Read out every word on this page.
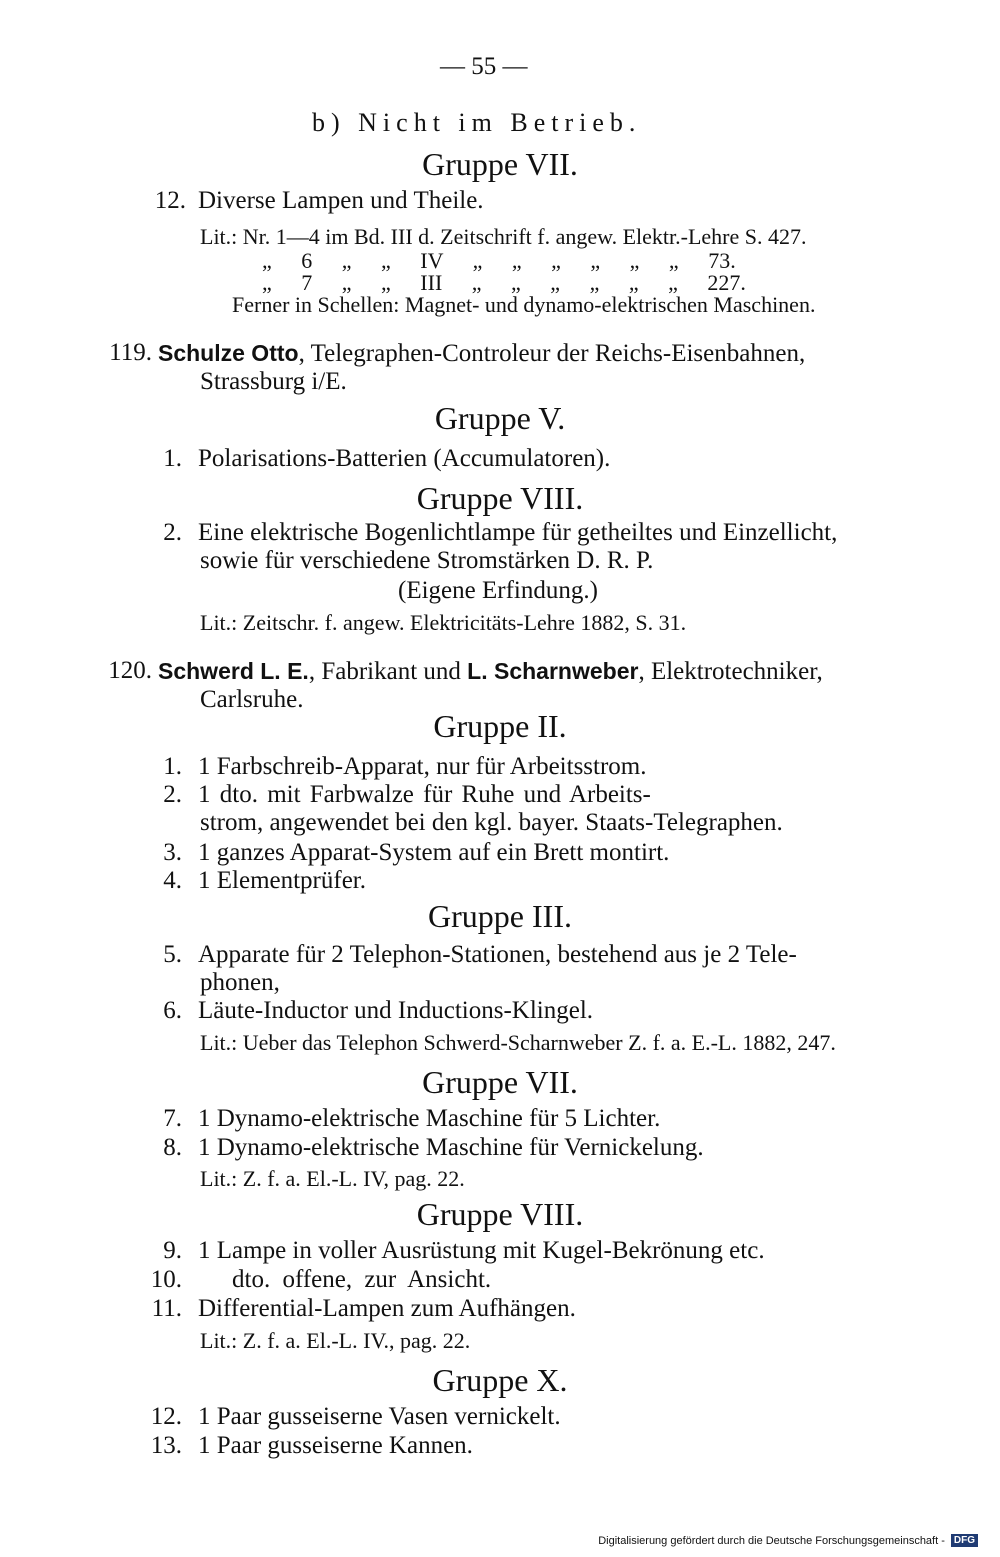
— 55 —
b) Nicht im Betrieb.
Gruppe VII.
12. Diverse Lampen und Theile.
Lit.: Nr. 1—4 im Bd. III d. Zeitschrift f. angew. Elektr.-Lehre S. 427.
„ 6 „ „ IV „ „ „ „ „ „ 73.
„ 7 „ „ III „ „ „ „ „ „ 227.
Ferner in Schellen: Magnet- und dynamo-elektrischen Maschinen.
119. Schulze Otto, Telegraphen-Controleur der Reichs-Eisenbahnen,
Strassburg i/E.
Gruppe V.
1. Polarisations-Batterien (Accumulatoren).
Gruppe VIII.
2. Eine elektrische Bogenlichtlampe für getheiltes und Einzellicht,
sowie für verschiedene Stromstärken D. R. P.
(Eigene Erfindung.)
Lit.: Zeitschr. f. angew. Elektricitäts-Lehre 1882, S. 31.
120. Schwerd L. E., Fabrikant und L. Scharnweber, Elektrotechniker,
Carlsruhe.
Gruppe II.
1. 1 Farbschreib-Apparat, nur für Arbeitsstrom.
2. 1 dto. mit Farbwalze für Ruhe und Arbeits-
strom, angewendet bei den kgl. bayer. Staats-Telegraphen.
3. 1 ganzes Apparat-System auf ein Brett montirt.
4. 1 Elementprüfer.
Gruppe III.
5. Apparate für 2 Telephon-Stationen, bestehend aus je 2 Tele-
phonen,
6. Läute-Inductor und Inductions-Klingel.
Lit.: Ueber das Telephon Schwerd-Scharnweber Z. f. a. E.-L. 1882, 247.
Gruppe VII.
7. 1 Dynamo-elektrische Maschine für 5 Lichter.
8. 1 Dynamo-elektrische Maschine für Vernickelung.
Lit.: Z. f. a. El.-L. IV, pag. 22.
Gruppe VIII.
9. 1 Lampe in voller Ausrüstung mit Kugel-Bekrönung etc.
10. dto. offene, zur Ansicht.
11. Differential-Lampen zum Aufhängen.
Lit.: Z. f. a. El.-L. IV., pag. 22.
Gruppe X.
12. 1 Paar gusseiserne Vasen vernickelt.
13. 1 Paar gusseiserne Kannen.
Digitalisierung gefördert durch die Deutsche Forschungsgemeinschaft - DFG
